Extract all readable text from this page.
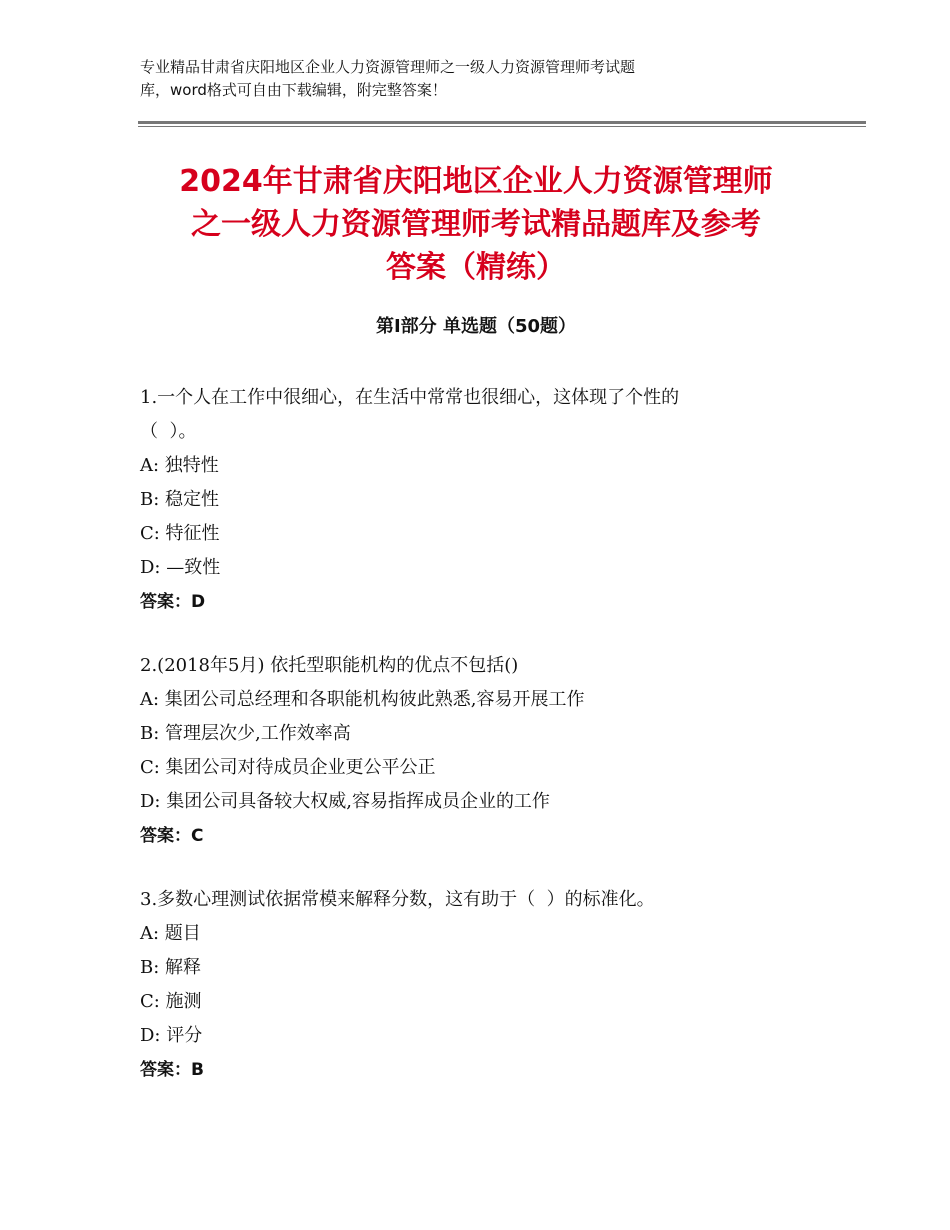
专业精品甘肃省庆阳地区企业人力资源管理师之一级人力资源管理师考试题
库，word格式可自由下载编辑，附完整答案！
2024年甘肃省庆阳地区企业人力资源管理师
之一级人力资源管理师考试精品题库及参考
答案（精练）
第Ⅰ部分 单选题（50题）
1.一个人在工作中很细心，在生活中常常也很细心，这体现了个性的
（  ）。
A: 独特性
B: 稳定性
C: 特征性
D: —致性
答案：D
2.(2018年5月) 依托型职能机构的优点不包括()
A: 集团公司总经理和各职能机构彼此熟悉,容易开展工作
B: 管理层次少,工作效率高
C: 集团公司对待成员企业更公平公正
D: 集团公司具备较大权威,容易指挥成员企业的工作
答案：C
3.多数心理测试依据常模来解释分数，这有助于（  ）的标准化。
A: 题目
B: 解释
C: 施测
D: 评分
答案：B
